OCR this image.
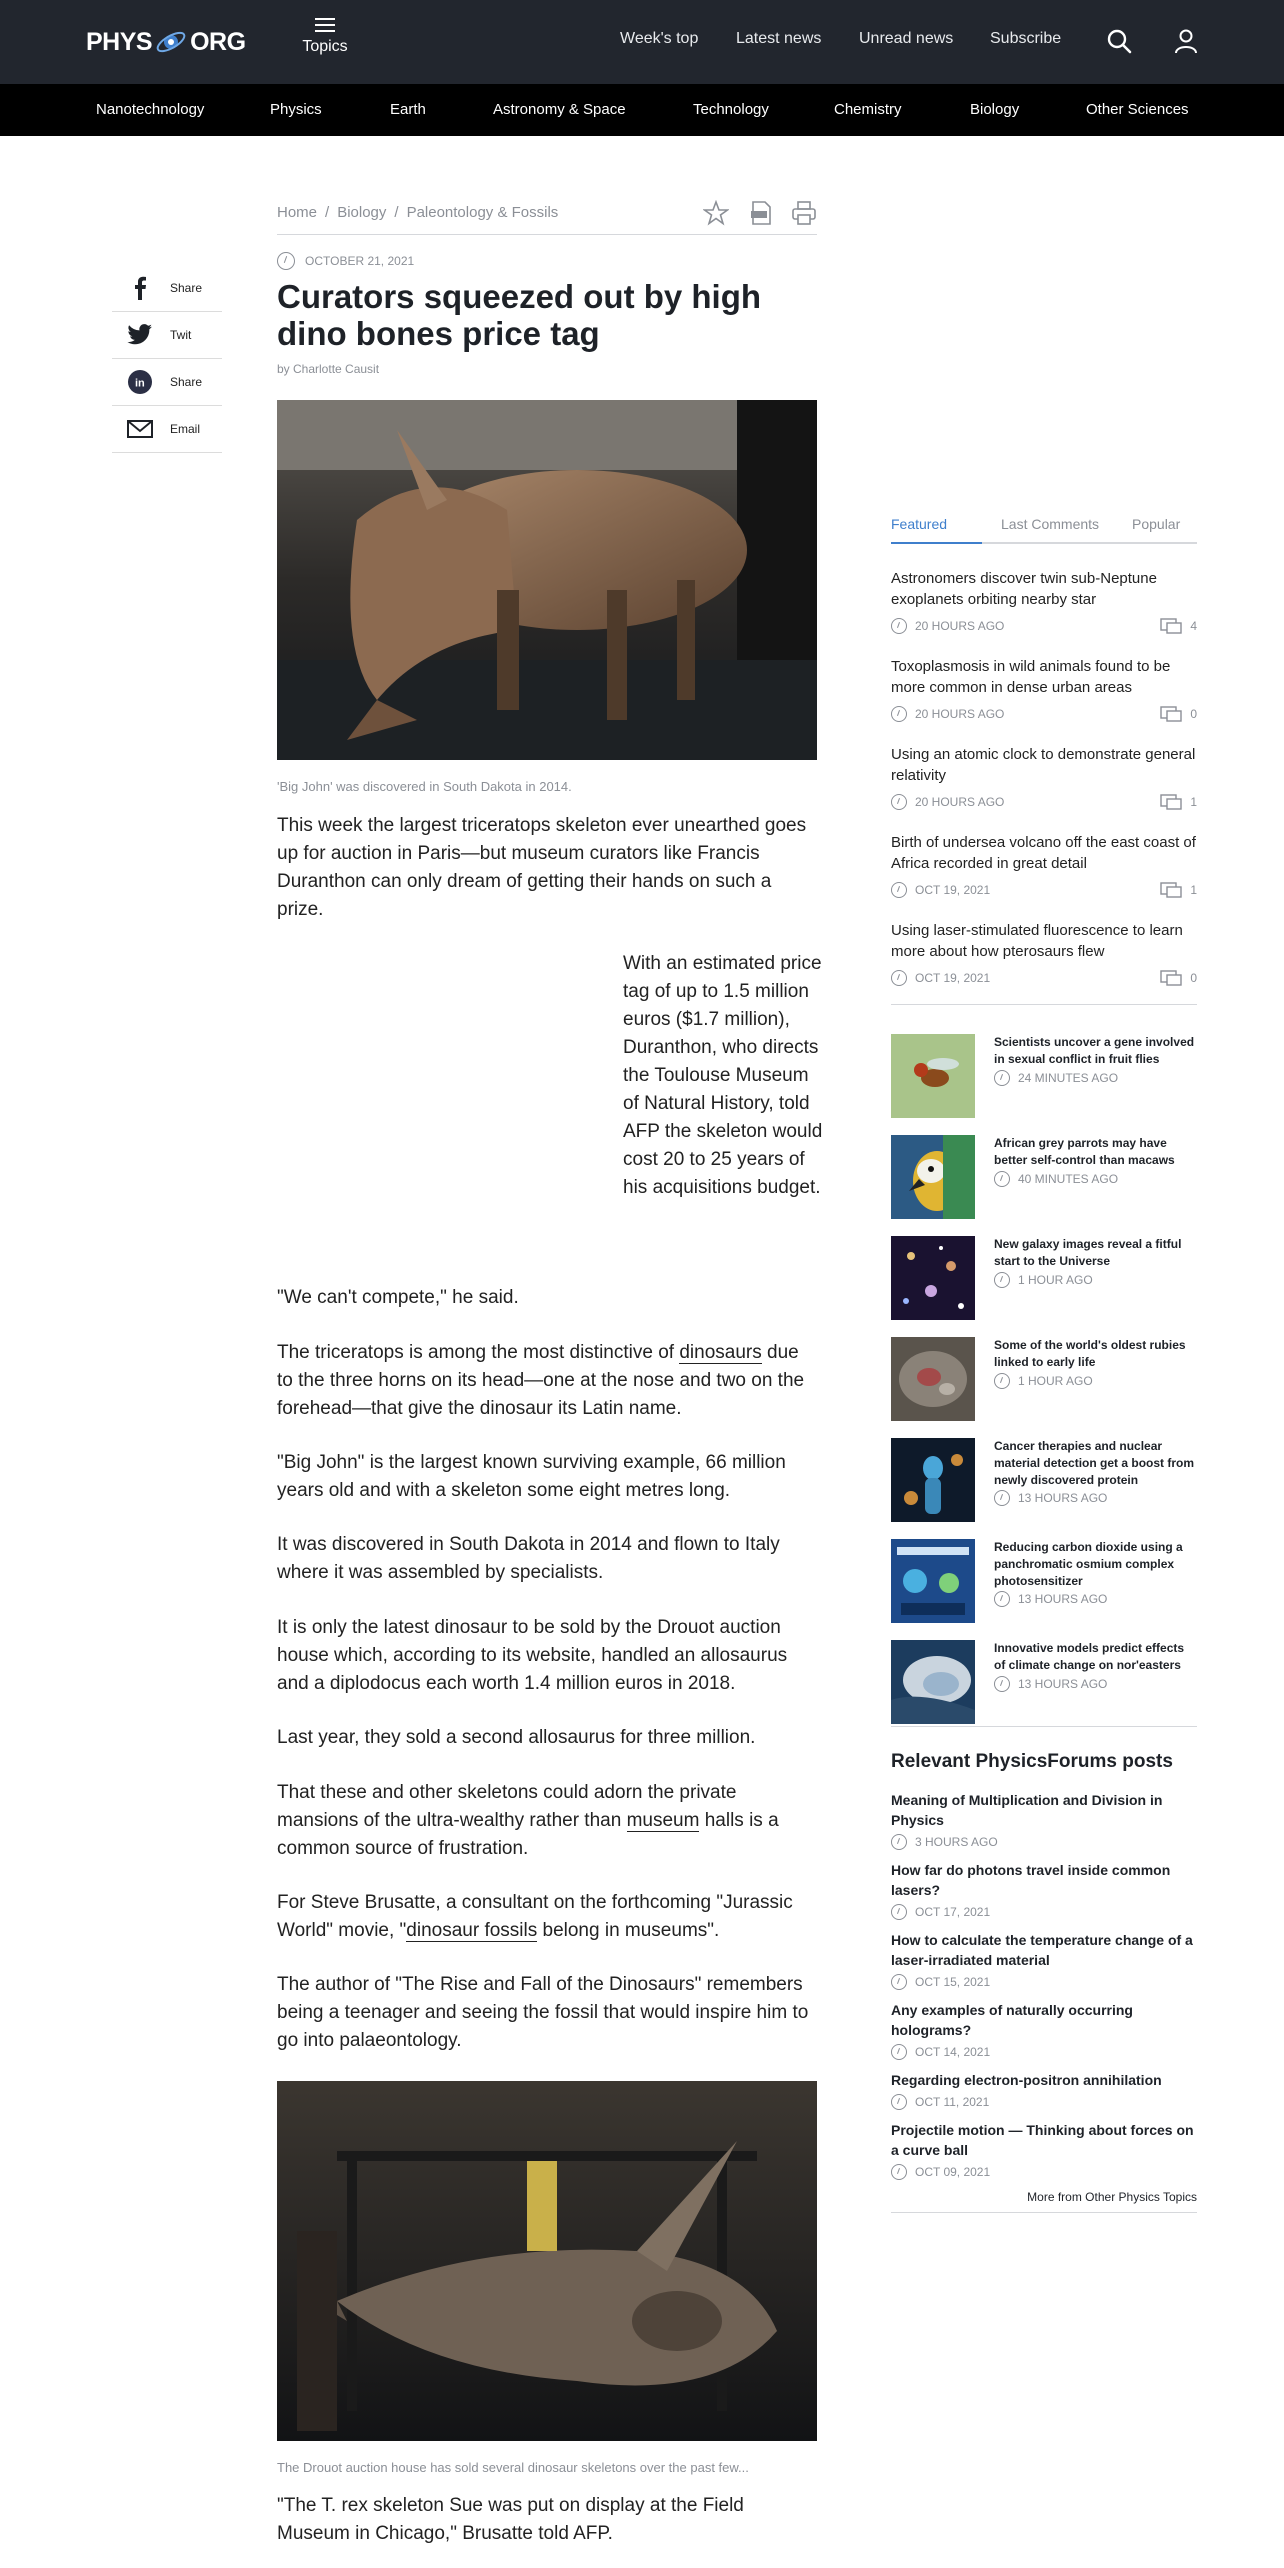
PHYS ORG	Topics	Week's top Latest news Unread news Subscribe
Nanotechnology	Physics	Earth	Astronomy & Space	Technology	Chemistry	Biology	Other Sciences
Share
Twit
in Share
Email
Home / Biology / Paleontology & Fossils
OCTOBER 21, 2021
Curators squeezed out by high dino bones price tag
by Charlotte Causit
'Big John' was discovered in South Dakota in 2014.

This week the largest triceratops skeleton ever unearthed goes up for auction in Paris—but museum curators like Francis Duranthon can only dream of getting their hands on such a prize.

With an estimated price tag of up to 1.5 million euros ($1.7 million), Duranthon, who directs the Toulouse Museum of Natural History, told AFP the skeleton would cost 20 to 25 years of his acquisitions budget.

"We can't compete," he said.

The triceratops is among the most distinctive of dinosaurs due to the three horns on its head—one at the nose and two on the forehead—that give the dinosaur its Latin name.

"Big John" is the largest known surviving example, 66 million years old and with a skeleton some eight metres long.

It was discovered in South Dakota in 2014 and flown to Italy where it was assembled by specialists.

It is only the latest dinosaur to be sold by the Drouot auction house which, according to its website, handled an allosaurus and a diplodocus each worth 1.4 million euros in 2018.

Last year, they sold a second allosaurus for three million.

That these and other skeletons could adorn the private mansions of the ultra-wealthy rather than museum halls is a common source of frustration.

For Steve Brusatte, a consultant on the forthcoming "Jurassic World" movie, "dinosaur fossils belong in museums".

The author of "The Rise and Fall of the Dinosaurs" remembers being a teenager and seeing the fossil that would inspire him to go into palaeontology.

The Drouot auction house has sold several dinosaur skeletons over the past few...

"The T. rex skeleton Sue was put on display at the Field Museum in Chicago," Brusatte told AFP.

Featured	Last Comments Popular
Astronomers discover twin sub-Neptune exoplanets orbiting nearby star
20 HOURS AGO	4
Toxoplasmosis in wild animals found to be more common in dense urban areas
20 HOURS AGO	0
Using an atomic clock to demonstrate general relativity
20 HOURS AGO	1
Birth of undersea volcano off the east coast of Africa recorded in great detail
OCT 19, 2021	1
Using laser-stimulated fluorescence to learn more about how pterosaurs flew
OCT 19, 2021	0
Scientists uncover a gene involved in sexual conflict in fruit flies
24 MINUTES AGO
African grey parrots may have better self-control than macaws
40 MINUTES AGO
New galaxy images reveal a fitful start to the Universe
1 HOUR AGO
Some of the world's oldest rubies linked to early life
1 HOUR AGO
Cancer therapies and nuclear material detection get a boost from newly discovered protein
13 HOURS AGO
Reducing carbon dioxide using a panchromatic osmium complex photosensitizer
13 HOURS AGO
Innovative models predict effects of climate change on nor'easters
13 HOURS AGO
Relevant PhysicsForums posts
Meaning of Multiplication and Division in Physics
3 HOURS AGO
How far do photons travel inside common lasers?
OCT 17, 2021
How to calculate the temperature change of a laser-irradiated material
OCT 15, 2021
Any examples of naturally occurring holograms?
OCT 14, 2021
Regarding electron-positron annihilation
OCT 11, 2021
Projectile motion — Thinking about forces on a curve ball
OCT 09, 2021
More from Other Physics Topics
